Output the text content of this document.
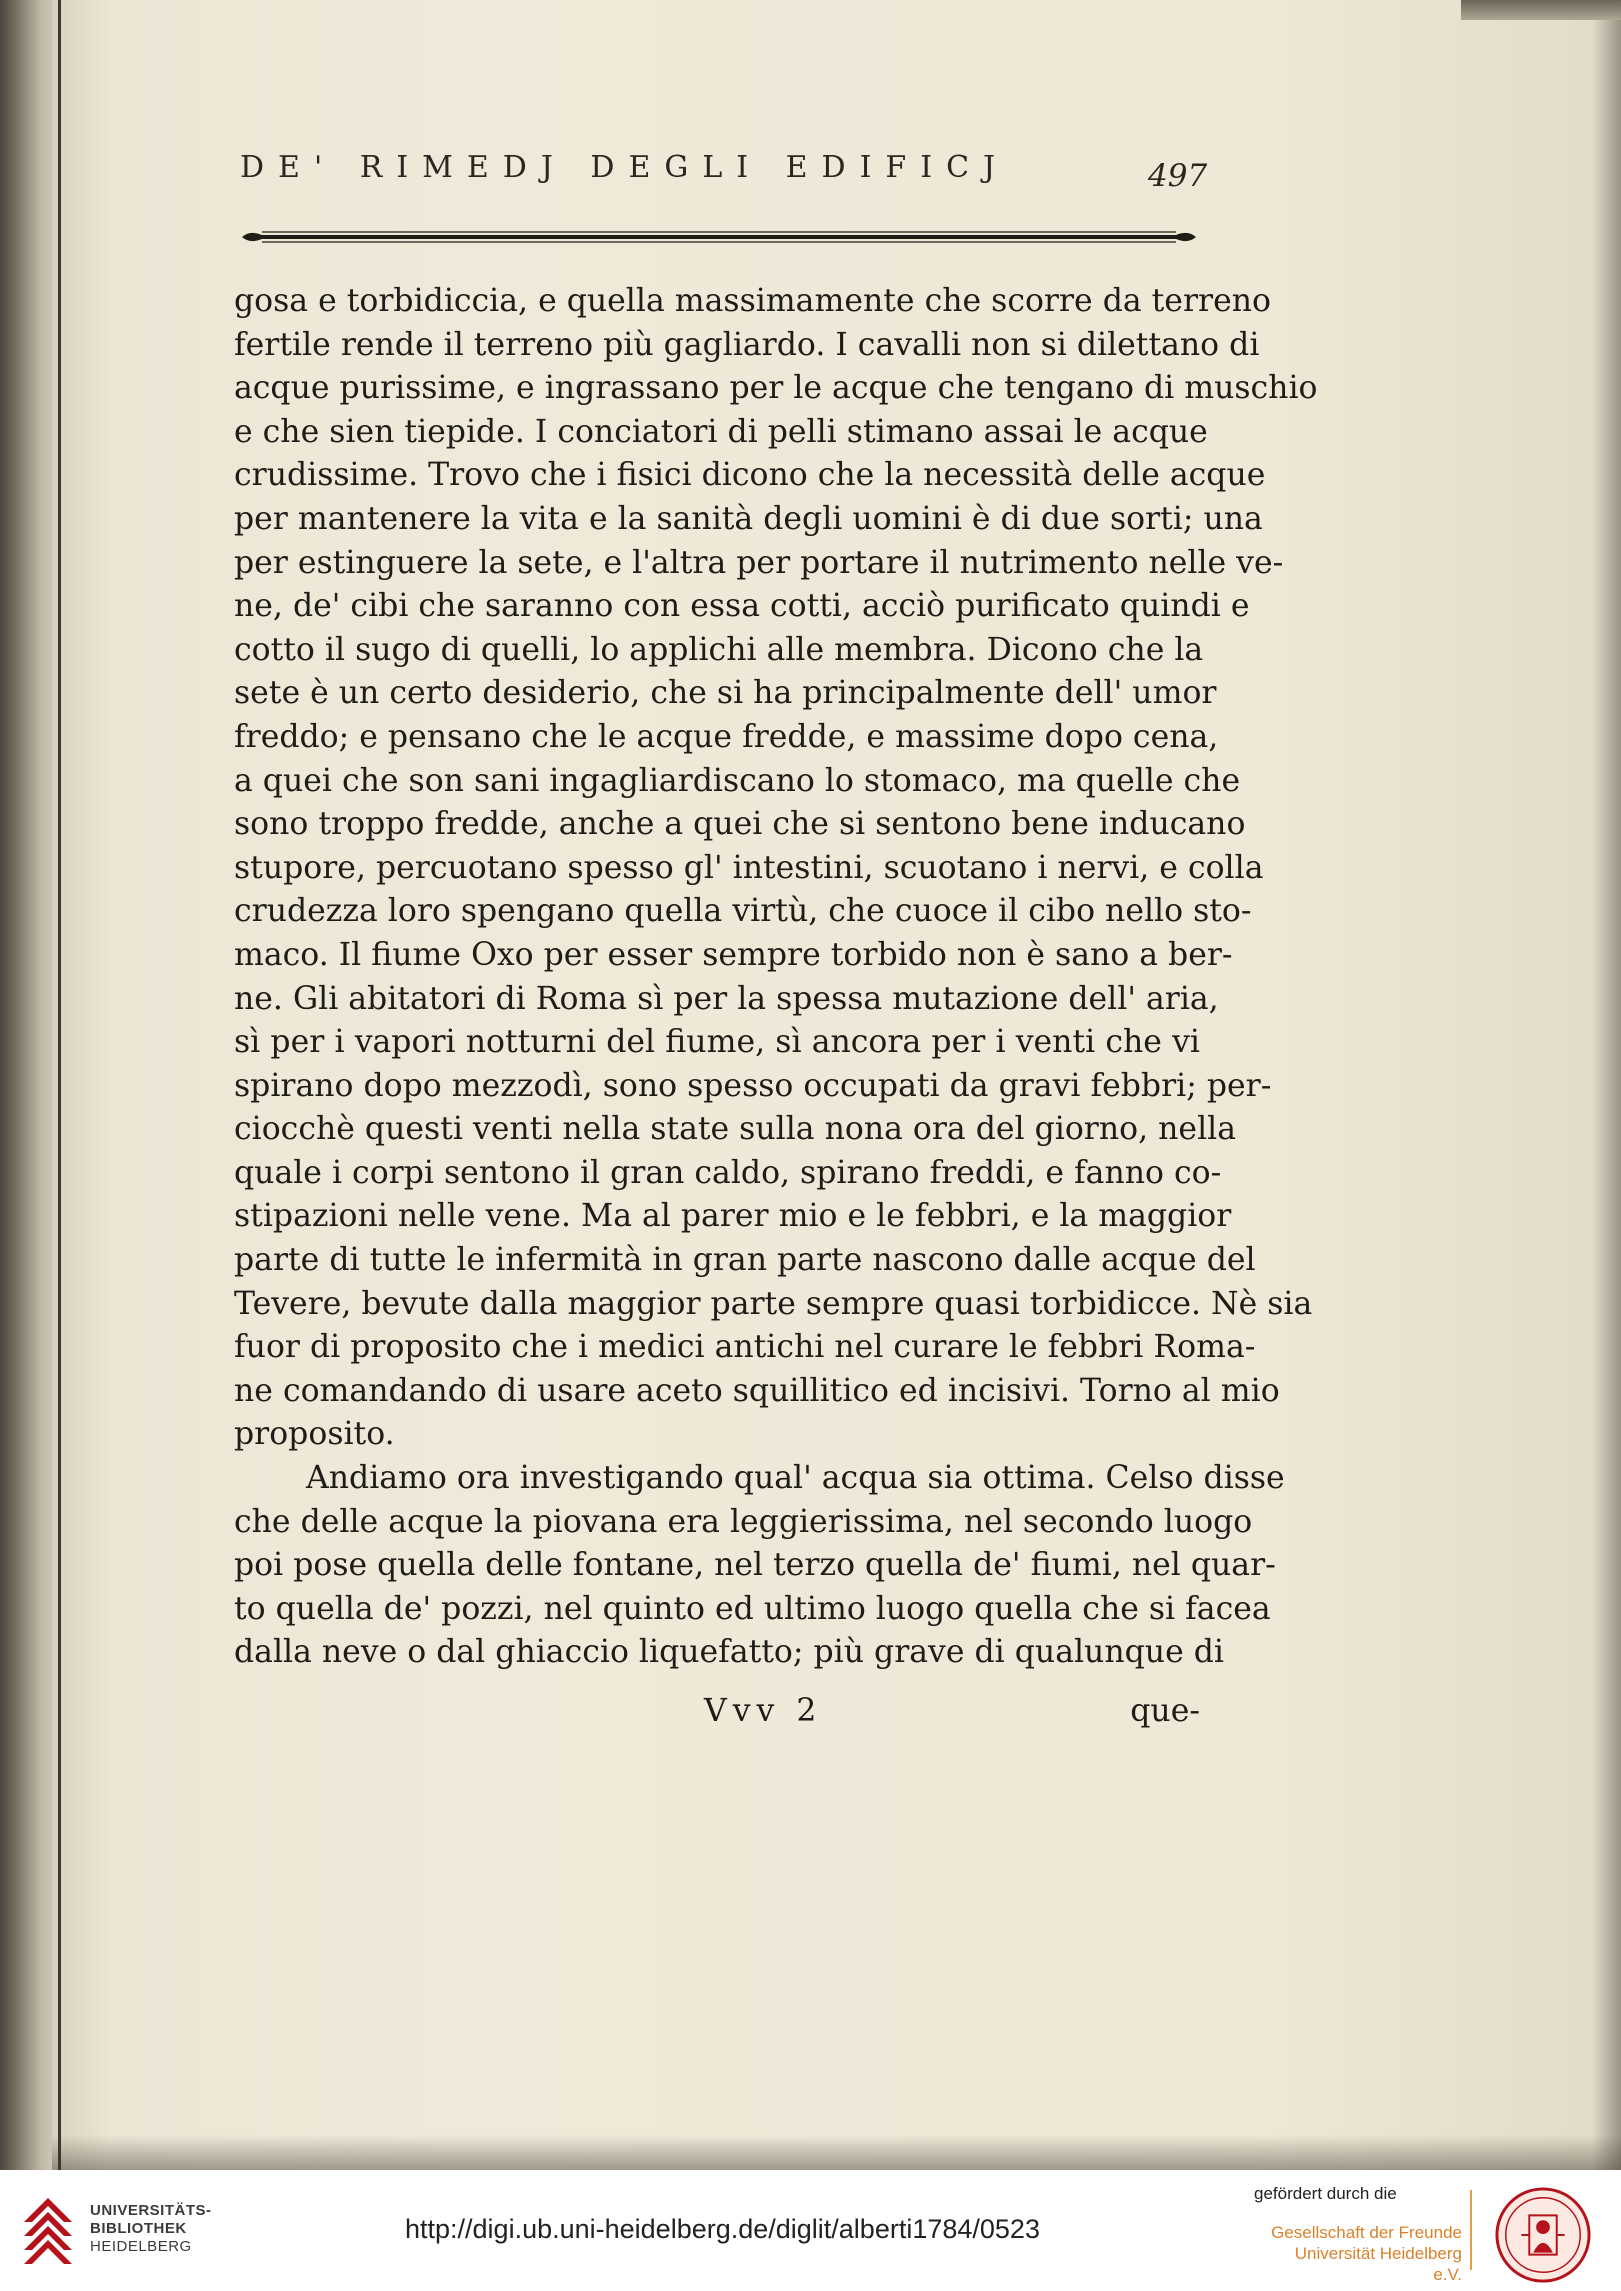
DE' RIMEDJ DEGLI EDIFICJ	497

gosa e torbidiccia, e quella massimamente che scorre da terreno
fertile rende il terreno più gagliardo. I cavalli non si dilettano di
acque purissime, e ingrassano per le acque che tengano di muschio
e che sien tiepide. I conciatori di pelli stimano assai le acque
crudissime. Trovo che i fisici dicono che la necessità delle acque
per mantenere la vita e la sanità degli uomini è di due sorti; una
per estinguere la sete, e l'altra per portare il nutrimento nelle ve-
ne, de' cibi che saranno con essa cotti, acciò purificato quindi e
cotto il sugo di quelli, lo applichi alle membra. Dicono che la
sete è un certo desiderio, che si ha principalmente dell' umor
freddo; e pensano che le acque fredde, e massime dopo cena,
a quei che son sani ingagliardiscano lo stomaco, ma quelle che
sono troppo fredde, anche a quei che si sentono bene inducano
stupore, percuotano spesso gl' intestini, scuotano i nervi, e colla
crudezza loro spengano quella virtù, che cuoce il cibo nello sto-
maco. Il fiume Oxo per esser sempre torbido non è sano a ber-
ne. Gli abitatori di Roma sì per la spessa mutazione dell' aria,
sì per i vapori notturni del fiume, sì ancora per i venti che vi
spirano dopo mezzodì, sono spesso occupati da gravi febbri; per-
ciocchè questi venti nella state sulla nona ora del giorno, nella
quale i corpi sentono il gran caldo, spirano freddi, e fanno co-
stipazioni nelle vene. Ma al parer mio e le febbri, e la maggior
parte di tutte le infermità in gran parte nascono dalle acque del
Tevere, bevute dalla maggior parte sempre quasi torbidicce. Nè sia
fuor di proposito che i medici antichi nel curare le febbri Roma-
ne comandando di usare aceto squillitico ed incisivi. Torno al mio
proposito.

Andiamo ora investigando qual' acqua sia ottima. Celso disse
che delle acque la piovana era leggierissima, nel secondo luogo
poi pose quella delle fontane, nel terzo quella de' fiumi, nel quar-
to quella de' pozzi, nel quinto ed ultimo luogo quella che si facea
dalla neve o dal ghiaccio liquefatto; più grave di qualunque di

Vvv 2	que-
UNIVERSITÄTS-
BIBLIOTHEK
HEIDELBERG
http://digi.ub.uni-heidelberg.de/diglit/alberti1784/0523
gefördert durch die
Gesellschaft der Freunde
Universität Heidelberg e.V.
